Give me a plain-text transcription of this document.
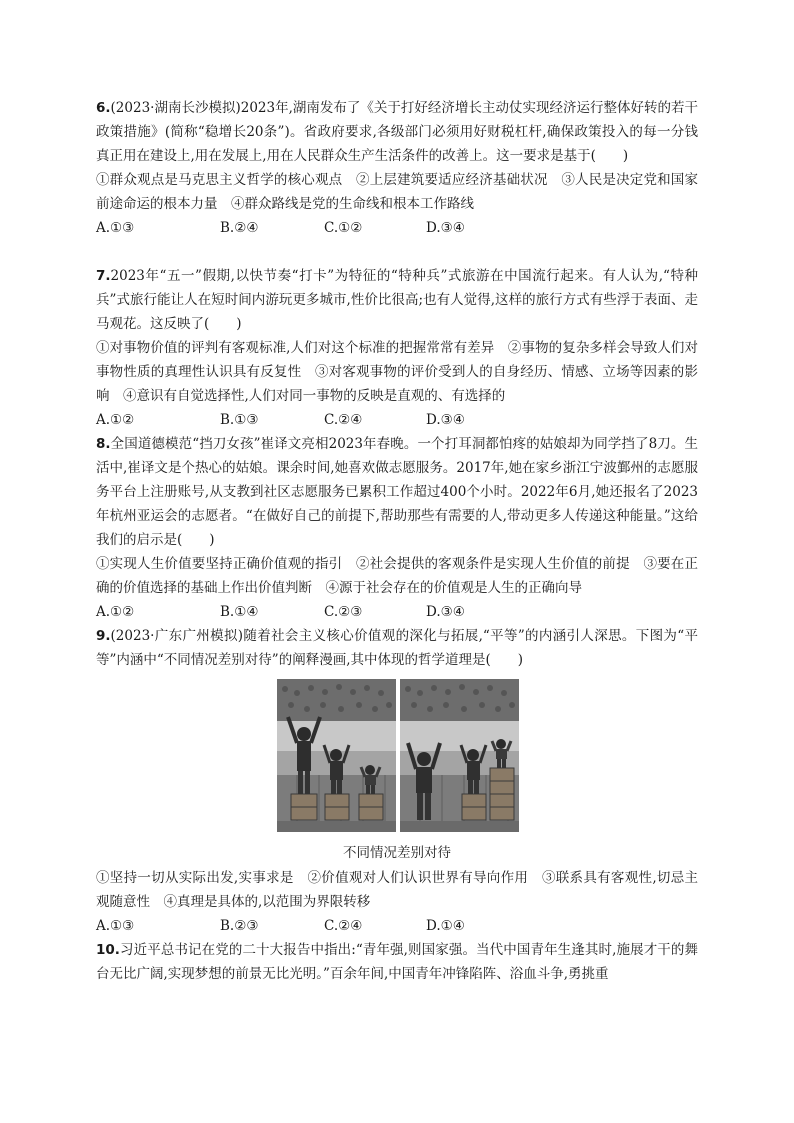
6.(2023·湖南长沙模拟)2023年,湖南发布了《关于打好经济增长主动仗实现经济运行整体好转的若干政策措施》(简称“稳增长20条”)。省政府要求,各级部门必须用好财税杠杆,确保政策投入的每一分钱真正用在建设上,用在发展上,用在人民群众生产生活条件的改善上。这一要求是基于(　　)

①群众观点是马克思主义哲学的核心观点　②上层建筑要适应经济基础状况　③人民是决定党和国家前途命运的根本力量　④群众路线是党的生命线和根本工作路线

A.①③	B.②④	C.①②	D.③④

7.2023年“五一”假期,以快节奏“打卡”为特征的“特种兵”式旅游在中国流行起来。有人认为,“特种兵”式旅行能让人在短时间内游玩更多城市,性价比很高;也有人觉得,这样的旅行方式有些浮于表面、走马观花。这反映了(　　)

①对事物价值的评判有客观标准,人们对这个标准的把握常常有差异　②事物的复杂多样会导致人们对事物性质的真理性认识具有反复性　③对客观事物的评价受到人的自身经历、情感、立场等因素的影响　④意识有自觉选择性,人们对同一事物的反映是直观的、有选择的

A.①②	B.①③	C.②④	D.③④

8.全国道德模范“挡刀女孩”崔译文亮相2023年春晚。一个打耳洞都怕疼的姑娘却为同学挡了8刀。生活中,崔译文是个热心的姑娘。课余时间,她喜欢做志愿服务。2017年,她在家乡浙江宁波鄞州的志愿服务平台上注册账号,从支教到社区志愿服务已累积工作超过400个小时。2022年6月,她还报名了2023年杭州亚运会的志愿者。“在做好自己的前提下,帮助那些有需要的人,带动更多人传递这种能量。”这给我们的启示是(　　)

①实现人生价值要坚持正确价值观的指引　②社会提供的客观条件是实现人生价值的前提　③要在正确的价值选择的基础上作出价值判断　④源于社会存在的价值观是人生的正确向导

A.①②	B.①④	C.②③	D.③④

9.(2023·广东广州模拟)随着社会主义核心价值观的深化与拓展,“平等”的内涵引人深思。下图为“平等”内涵中“不同情况差别对待”的阐释漫画,其中体现的哲学道理是(　　)

不同情况差别对待

①坚持一切从实际出发,实事求是　②价值观对人们认识世界有导向作用　③联系具有客观性,切忌主观随意性　④真理是具体的,以范围为界限转移

A.①③	B.②③	C.②④	D.①④

10.习近平总书记在党的二十大报告中指出:“青年强,则国家强。当代中国青年生逢其时,施展才干的舞台无比广阔,实现梦想的前景无比光明。”百余年间,中国青年冲锋陷阵、浴血斗争,勇挑重
